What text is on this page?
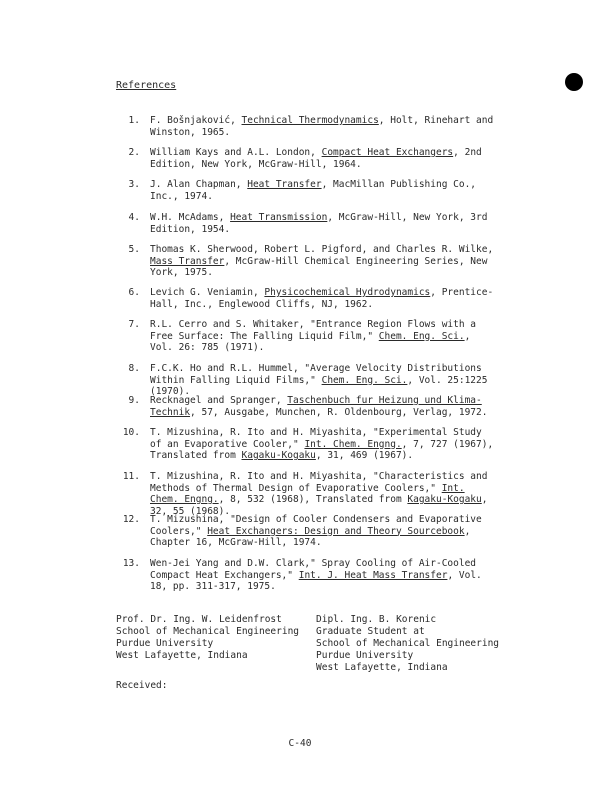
References
1. F. Bošnjaković, Technical Thermodynamics, Holt, Rinehart and Winston, 1965.
2. William Kays and A.L. London, Compact Heat Exchangers, 2nd Edition, New York, McGraw-Hill, 1964.
3. J. Alan Chapman, Heat Transfer, MacMillan Publishing Co., Inc., 1974.
4. W.H. McAdams, Heat Transmission, McGraw-Hill, New York, 3rd Edition, 1954.
5. Thomas K. Sherwood, Robert L. Pigford, and Charles R. Wilke, Mass Transfer, McGraw-Hill Chemical Engineering Series, New York, 1975.
6. Levich G. Veniamin, Physicochemical Hydrodynamics, Prentice-Hall, Inc., Englewood Cliffs, NJ, 1962.
7. R.L. Cerro and S. Whitaker, "Entrance Region Flows with a Free Surface: The Falling Liquid Film," Chem. Eng. Sci., Vol. 26: 785 (1971).
8. F.C.K. Ho and R.L. Hummel, "Average Velocity Distributions Within Falling Liquid Films," Chem. Eng. Sci., Vol. 25:1225 (1970).
9. Recknagel and Spranger, Taschenbuch fur Heizung und Klima-Technik, 57, Ausgabe, Munchen, R. Oldenbourg, Verlag, 1972.
10. T. Mizushina, R. Ito and H. Miyashita, "Experimental Study of an Evaporative Cooler," Int. Chem. Engng., 7, 727 (1967), Translated from Kagaku-Kogaku, 31, 469 (1967).
11. T. Mizushina, R. Ito and H. Miyashita, "Characteristics and Methods of Thermal Design of Evaporative Coolers," Int. Chem. Engng., 8, 532 (1968), Translated from Kagaku-Kogaku, 32, 55 (1968).
12. T. Mizushina, "Design of Cooler Condensers and Evaporative Coolers," Heat Exchangers: Design and Theory Sourcebook, Chapter 16, McGraw-Hill, 1974.
13. Wen-Jei Yang and D.W. Clark," Spray Cooling of Air-Cooled Compact Heat Exchangers," Int. J. Heat Mass Transfer, Vol. 18, pp. 311-317, 1975.
Prof. Dr. Ing. W. Leidenfrost
School of Mechanical Engineering
Purdue University
West Lafayette, Indiana
Dipl. Ing. B. Korenic
Graduate Student at
School of Mechanical Engineering
Purdue University
West Lafayette, Indiana
Received:
C-40
